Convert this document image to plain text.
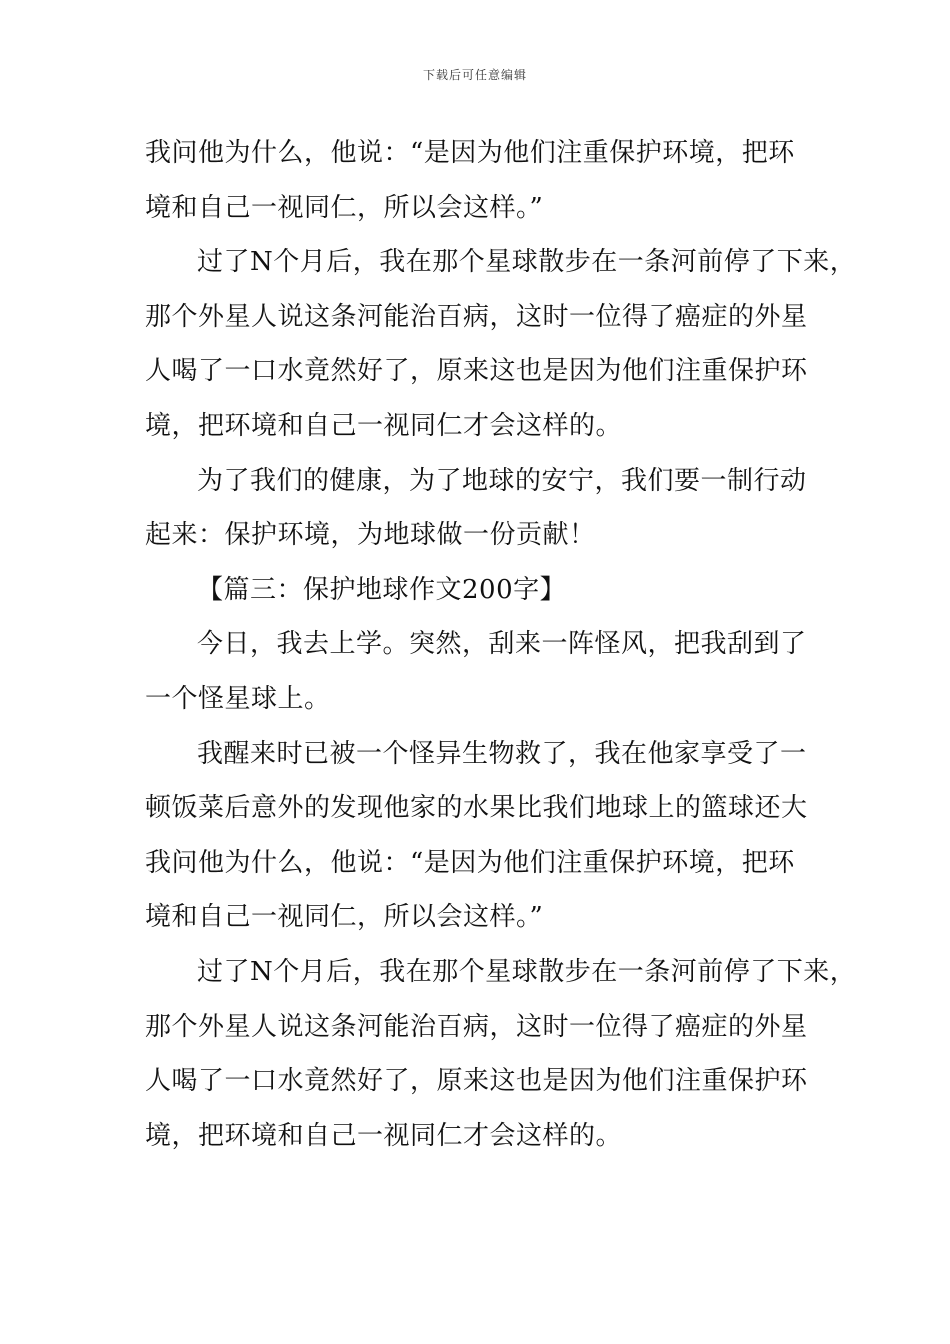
下载后可任意编辑
我问他为什么，他说：“是因为他们注重保护环境，把环
境和自己一视同仁，所以会这样。”
过了N个月后，我在那个星球散步在一条河前停了下来，
那个外星人说这条河能治百病，这时一位得了癌症的外星
人喝了一口水竟然好了，原来这也是因为他们注重保护环
境，把环境和自己一视同仁才会这样的。
为了我们的健康，为了地球的安宁，我们要一制行动
起来：保护环境，为地球做一份贡献！
【篇三：保护地球作文200字】
今日，我去上学。突然，刮来一阵怪风，把我刮到了
一个怪星球上。
我醒来时已被一个怪异生物救了，我在他家享受了一
顿饭菜后意外的发现他家的水果比我们地球上的篮球还大
我问他为什么，他说：“是因为他们注重保护环境，把环
境和自己一视同仁，所以会这样。”
过了N个月后，我在那个星球散步在一条河前停了下来，
那个外星人说这条河能治百病，这时一位得了癌症的外星
人喝了一口水竟然好了，原来这也是因为他们注重保护环
境，把环境和自己一视同仁才会这样的。
